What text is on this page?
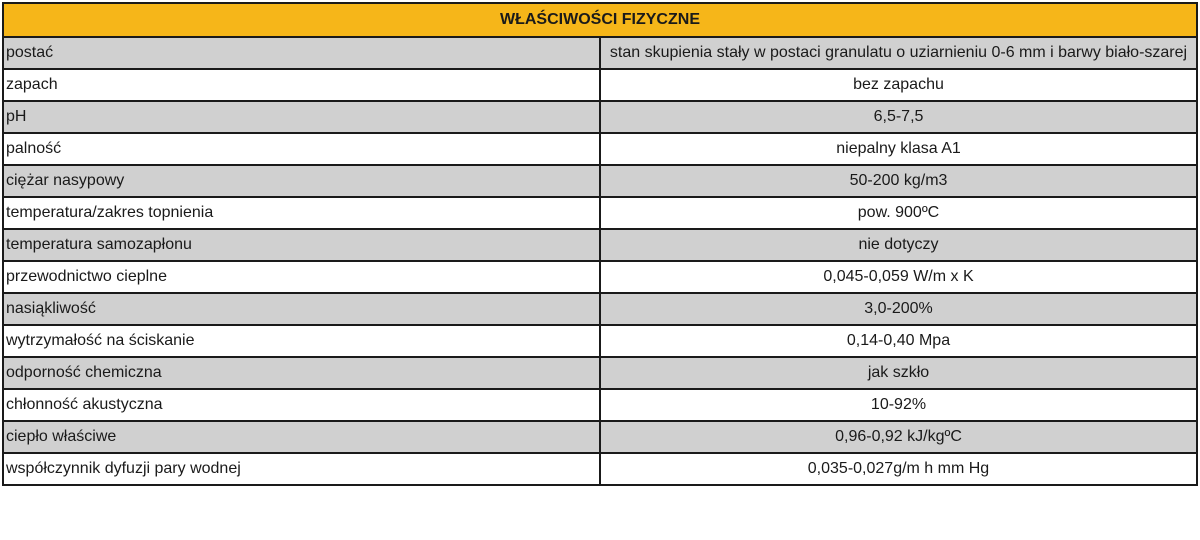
WŁAŚCIWOŚCI FIZYCZNE	
postać	stan skupienia stały w postaci granulatu o uziarnieniu 0-6 mm i barwy biało-szarej
zapach	bez zapachu
pH	6,5-7,5
palność	niepalny klasa A1
ciężar nasypowy	50-200 kg/m3
temperatura/zakres topnienia	pow. 900ºC
temperatura samozapłonu	nie dotyczy
przewodnictwo cieplne	0,045-0,059 W/m x K
nasiąkliwość	3,0-200%
wytrzymałość na ściskanie	0,14-0,40 Mpa
odporność chemiczna	jak szkło
chłonność akustyczna	10-92%
ciepło właściwe	0,96-0,92 kJ/kgºC
współczynnik dyfuzji pary wodnej	0,035-0,027g/m h mm Hg
